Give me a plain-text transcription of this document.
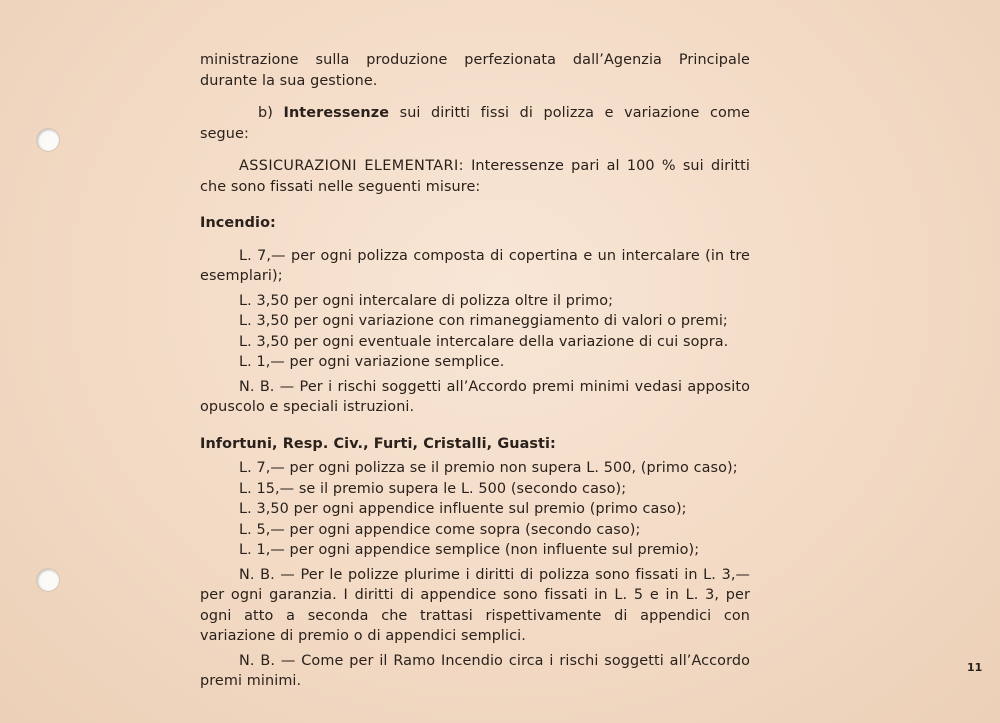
ministrazione sulla produzione perfezionata dall’Agenzia Principale durante la sua gestione.

b) Interessenze sui diritti fissi di polizza e variazione come segue:

ASSICURAZIONI ELEMENTARI: Interessenze pari al 100 % sui diritti che sono fissati nelle seguenti misure:

Incendio:

L. 7,— per ogni polizza composta di copertina e un intercalare (in tre esemplari);

L. 3,50 per ogni intercalare di polizza oltre il primo;

L. 3,50 per ogni variazione con rimaneggiamento di valori o premi;

L. 3,50 per ogni eventuale intercalare della variazione di cui sopra.

L. 1,— per ogni variazione semplice.

N. B. — Per i rischi soggetti all’Accordo premi minimi vedasi apposito opuscolo e speciali istruzioni.

Infortuni, Resp. Civ., Furti, Cristalli, Guasti:

L. 7,— per ogni polizza se il premio non supera L. 500, (primo caso);

L. 15,— se il premio supera le L. 500 (secondo caso);

L. 3,50 per ogni appendice influente sul premio (primo caso);

L. 5,— per ogni appendice come sopra (secondo caso);

L. 1,— per ogni appendice semplice (non influente sul premio);

N. B. — Per le polizze plurime i diritti di polizza sono fissati in L. 3,— per ogni garanzia. I diritti di appendice sono fissati in L. 5 e in L. 3, per ogni atto a seconda che trattasi rispettivamente di appendici con variazione di premio o di appendici semplici.

N. B. — Come per il Ramo Incendio circa i rischi soggetti all’Accordo premi minimi.

11
